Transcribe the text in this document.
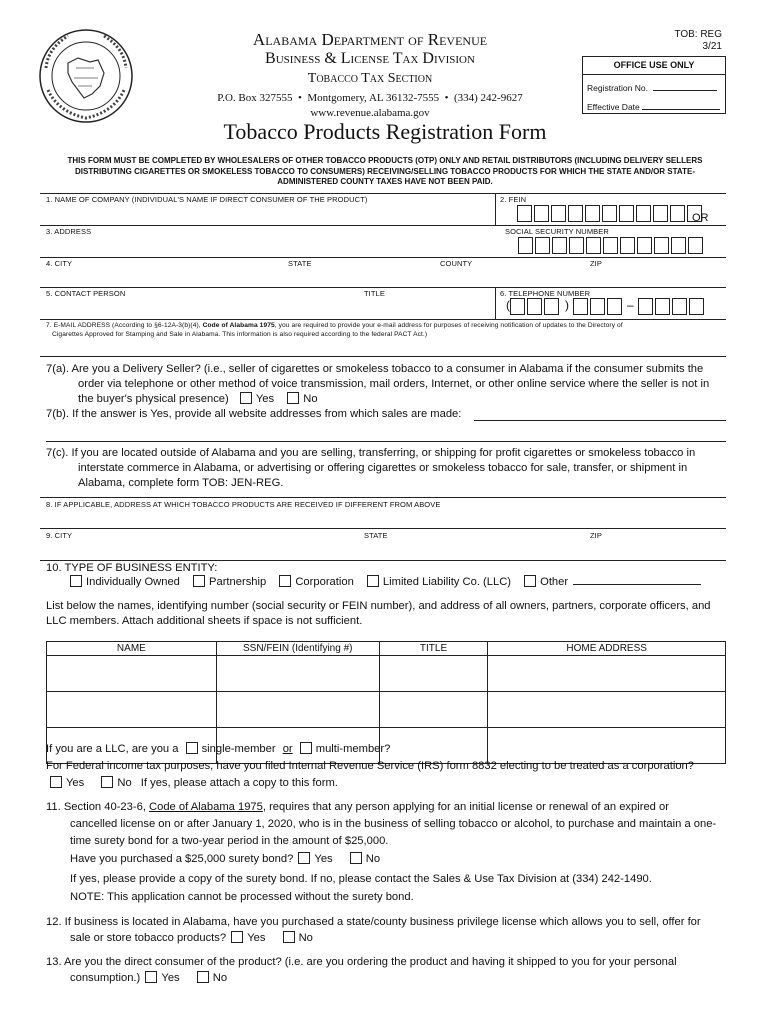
Alabama Department of Revenue
Business & License Tax Division
Tobacco Tax Section
P.O. Box 327555  •  Montgomery, AL 36132-7555  •  (334) 242-9627
www.revenue.alabama.gov
TOB: REG
3/21
OFFICE USE ONLY
Registration No.
Effective Date
Tobacco Products Registration Form
THIS FORM MUST BE COMPLETED BY WHOLESALERS OF OTHER TOBACCO PRODUCTS (OTP) ONLY AND RETAIL DISTRIBUTORS (INCLUDING DELIVERY SELLERS DISTRIBUTING CIGARETTES OR SMOKELESS TOBACCO TO CONSUMERS) RECEIVING/SELLING TOBACCO PRODUCTS FOR WHICH THE STATE AND/OR STATE-ADMINISTERED COUNTY TAXES HAVE NOT BEEN PAID.
1. NAME OF COMPANY (INDIVIDUAL'S NAME IF DIRECT CONSUMER OF THE PRODUCT)	2. FEIN
OR
3. ADDRESS	SOCIAL SECURITY NUMBER
4. CITY	STATE	COUNTY	ZIP
5. CONTACT PERSON	TITLE	6. TELEPHONE NUMBER
(	)	–
7. E-MAIL ADDRESS (According to §6-12A-3(b)(4), Code of Alabama 1975, you are required to provide your e-mail address for purposes of receiving notification of updates to the Directory of
Cigarettes Approved for Stamping and Sale in Alabama. This information is also required according to the federal PACT Act.)
7(a). Are you a Delivery Seller? (i.e., seller of cigarettes or smokeless tobacco to a consumer in Alabama if the consumer submits the
order via telephone or other method of voice transmission, mail orders, Internet, or other online service where the seller is not in
the buyer's physical presence) Yes	No
7(b). If the answer is Yes, provide all website addresses from which sales are made:
7(c). If you are located outside of Alabama and you are selling, transferring, or shipping for profit cigarettes or smokeless tobacco in
interstate commerce in Alabama, or advertising or offering cigarettes or smokeless tobacco for sale, transfer, or shipment in
Alabama, complete form TOB: JEN-REG.
8. IF APPLICABLE, ADDRESS AT WHICH TOBACCO PRODUCTS ARE RECEIVED IF DIFFERENT FROM ABOVE
9. CITY	STATE	ZIP
10. TYPE OF BUSINESS ENTITY:
Individually Owned	Partnership	Corporation	Limited Liability Co. (LLC)	Other
List below the names, identifying number (social security or FEIN number), and address of all owners, partners, corporate officers, and
LLC members. Attach additional sheets if space is not sufficient.
NAME	SSN/FEIN (Identifying #)	TITLE	HOME ADDRESS

If you are a LLC, are you a single-member or multi-member?
For Federal income tax purposes, have you filed Internal Revenue Service (IRS) form 8832 electing to be treated as a corporation?
Yes	No If yes, please attach a copy to this form.
11. Section 40-23-6, Code of Alabama 1975, requires that any person applying for an initial license or renewal of an expired or
cancelled license on or after January 1, 2020, who is in the business of selling tobacco or alcohol, to purchase and maintain a one-
time surety bond for a two-year period in the amount of $25,000.
Have you purchased a $25,000 surety bond? Yes	No
If yes, please provide a copy of the surety bond. If no, please contact the Sales & Use Tax Division at (334) 242-1490.
NOTE: This application cannot be processed without the surety bond.
12. If business is located in Alabama, have you purchased a state/county business privilege license which allows you to sell, offer for
sale or store tobacco products? Yes	No
13. Are you the direct consumer of the product? (i.e. are you ordering the product and having it shipped to you for your personal
consumption.) Yes	No
